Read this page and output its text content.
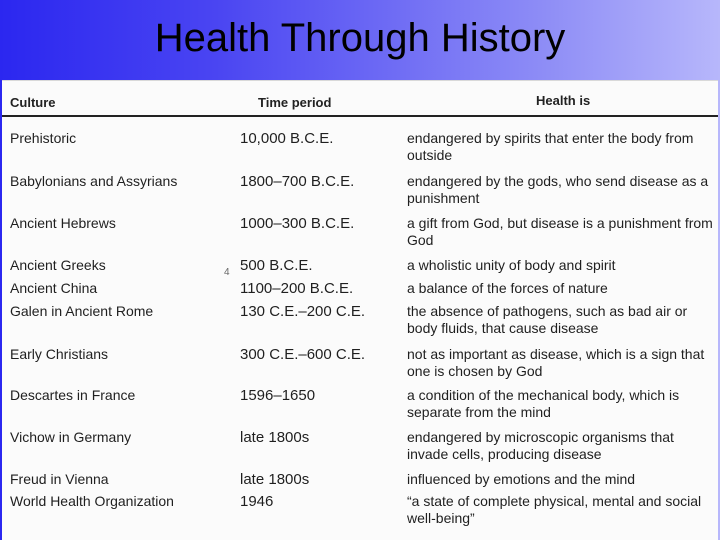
Health Through History
Culture	Time period	Health is
Prehistoric	10,000 B.C.E.	endangered by spirits that enter the body from outside
Babylonians and Assyrians	1800–700 B.C.E.	endangered by the gods, who send disease as a punishment
4
Ancient Hebrews	1000–300 B.C.E.	a gift from God, but disease is a punishment from God
Ancient Greeks	500 B.C.E.	a wholistic unity of body and spirit
Ancient China	1100–200 B.C.E.	a balance of the forces of nature
Galen in Ancient Rome	130 C.E.–200 C.E.	the absence of pathogens, such as bad air or body fluids, that cause disease
Early Christians	300 C.E.–600 C.E.	not as important as disease, which is a sign that one is chosen by God
Descartes in France	1596–1650	a condition of the mechanical body, which is separate from the mind
Vichow in Germany	late 1800s	endangered by microscopic organisms that invade cells, producing disease
Freud in Vienna	late 1800s	influenced by emotions and the mind
World Health Organization	1946	“a state of complete physical, mental and social well-being”
